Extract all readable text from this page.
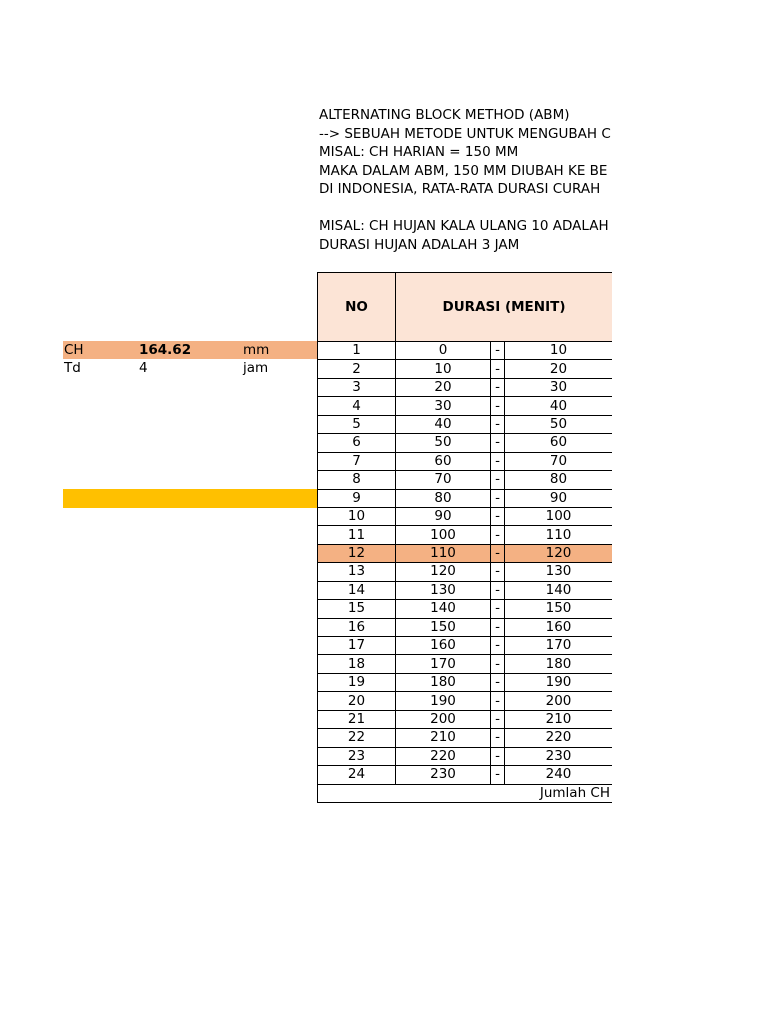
ALTERNATING BLOCK METHOD (ABM)
--> SEBUAH METODE UNTUK MENGUBAH C
MISAL: CH HARIAN = 150 MM
MAKA DALAM ABM, 150 MM DIUBAH KE BE
DI INDONESIA, RATA-RATA DURASI CURAH
MISAL: CH HUJAN KALA ULANG 10 ADALAH
DURASI HUJAN ADALAH 3 JAM
CH	164.62	mm
Td	4	jam
NO	DURASI (MENIT)		
1	0	-	10
2	10	-	20
3	20	-	30
4	30	-	40
5	40	-	50
6	50	-	60
7	60	-	70
8	70	-	80
9	80	-	90
10	90	-	100
11	100	-	110
12	110	-	120
13	120	-	130
14	130	-	140
15	140	-	150
16	150	-	160
17	160	-	170
18	170	-	180
19	180	-	190
20	190	-	200
21	200	-	210
22	210	-	220
23	220	-	230
24	230	-	240
Jumlah CH			
